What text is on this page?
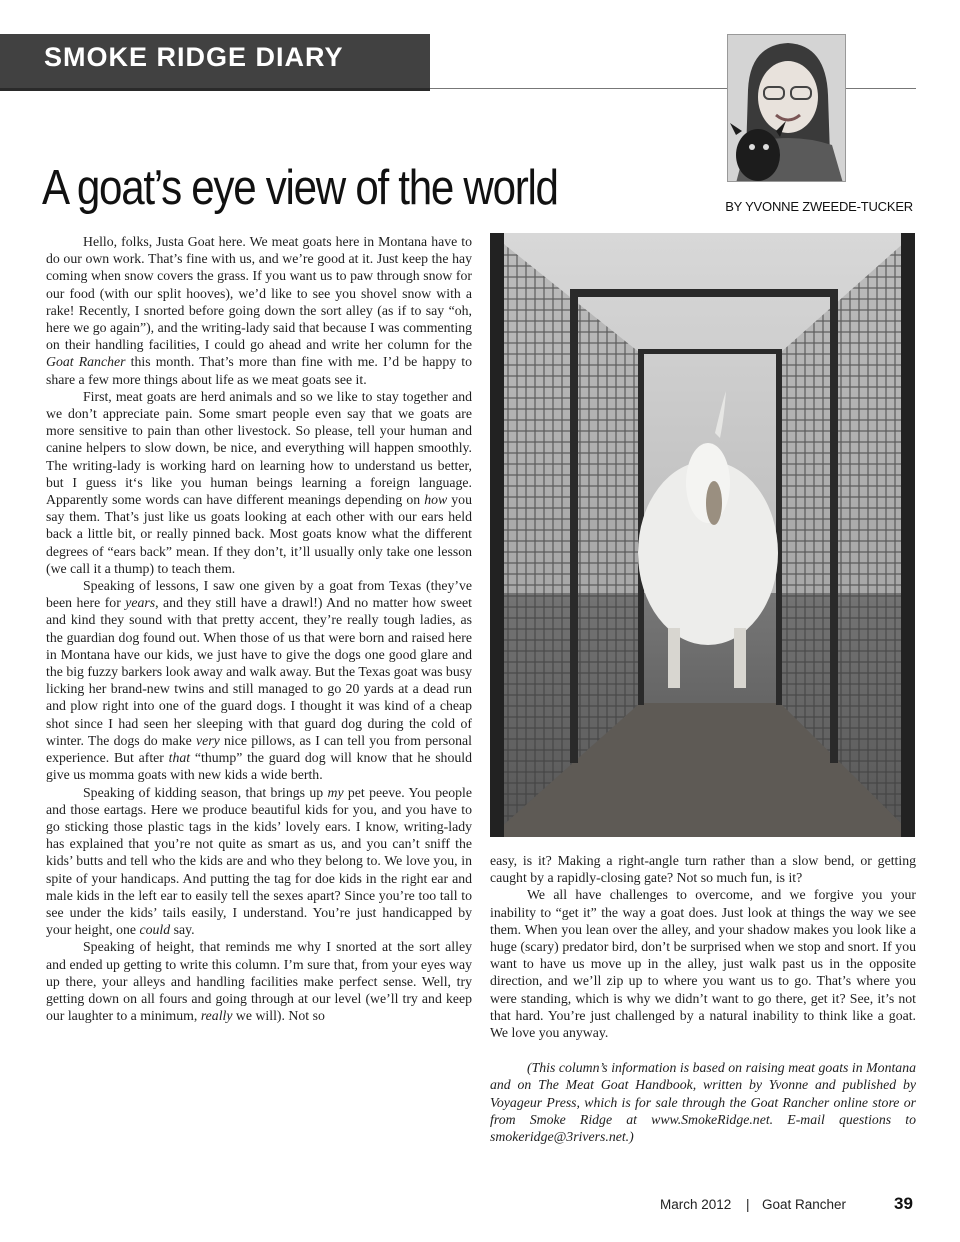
SMOKE RIDGE DIARY
A goat’s eye view of the world	BY YVONNE ZWEEDE-TUCKER

Hello, folks, Justa Goat here. We meat goats here in Montana have to do our own work. That’s fine with us, and we’re good at it. Just keep the hay coming when snow covers the grass. If you want us to paw through snow for our food (with our split hooves), we’d like to see you shovel snow with a rake! Recently, I snorted before going down the sort alley (as if to say “oh, here we go again”), and the writing-lady said that because I was commenting on their handling facilities, I could go ahead and write her column for the Goat Rancher this month. That’s more than fine with me. I’d be happy to share a few more things about life as we meat goats see it.

First, meat goats are herd animals and so we like to stay together and we don’t appreciate pain. Some smart people even say that we goats are more sensitive to pain than other livestock. So please, tell your human and canine helpers to slow down, be nice, and everything will happen smoothly. The writing-lady is working hard on learning how to understand us better, but I guess it‘s like you human beings learning a foreign language. Apparently some words can have different meanings depending on how you say them. That’s just like us goats looking at each other with our ears held back a little bit, or really pinned back. Most goats know what the different degrees of “ears back” mean. If they don’t, it’ll usually only take one lesson (we call it a thump) to teach them.

Speaking of lessons, I saw one given by a goat from Texas (they’ve been here for years, and they still have a drawl!) And no matter how sweet and kind they sound with that pretty accent, they’re really tough ladies, as the guardian dog found out. When those of us that were born and raised here in Montana have our kids, we just have to give the dogs one good glare and the big fuzzy barkers look away and walk away. But the Texas goat was busy licking her brand-new twins and still managed to go 20 yards at a dead run and plow right into one of the guard dogs. I thought it was kind of a cheap shot since I had seen her sleeping with that guard dog during the cold of winter. The dogs do make very nice pillows, as I can tell you from personal experience. But after that “thump” the guard dog will know that he should give us momma goats with new kids a wide berth.

Speaking of kidding season, that brings up my pet peeve. You people and those eartags. Here we produce beautiful kids for you, and you have to go sticking those plastic tags in the kids’ lovely ears. I know, writing-lady has explained that you’re not quite as smart as us, and you can’t sniff the kids’ butts and tell who the kids are and who they belong to. We love you, in spite of your handicaps. And putting the tag for doe kids in the right ear and male kids in the left ear to easily tell the sexes apart? Since you’re too tall to see under the kids’ tails easily, I understand. You’re just handicapped by your height, one could say.

Speaking of height, that reminds me why I snorted at the sort alley and ended up getting to write this column. I’m sure that, from your eyes way up there, your alleys and handling facilities make perfect sense. Well, try getting down on all fours and going through at our level (we’ll try and keep our laughter to a minimum, really we will). Not so

easy, is it? Making a right-angle turn rather than a slow bend, or getting caught by a rapidly-closing gate? Not so much fun, is it?

We all have challenges to overcome, and we forgive you your inability to “get it” the way a goat does. Just look at things the way we see them. When you lean over the alley, and your shadow makes you look like a huge (scary) predator bird, don’t be surprised when we stop and snort. If you want to have us move up in the alley, just walk past us in the opposite direction, and we’ll zip up to where you want us to go. That’s where you were standing, which is why we didn’t want to go there, get it? See, it’s not that hard. You’re just challenged by a natural inability to think like a goat. We love you anyway.

(This column’s information is based on raising meat goats in Montana and on The Meat Goat Handbook, written by Yvonne and published by Voyageur Press, which is for sale through the Goat Rancher online store or from Smoke Ridge at www.SmokeRidge.net. E-mail questions to smokeridge@3rivers.net.)

March 2012 | Goat Rancher	39
